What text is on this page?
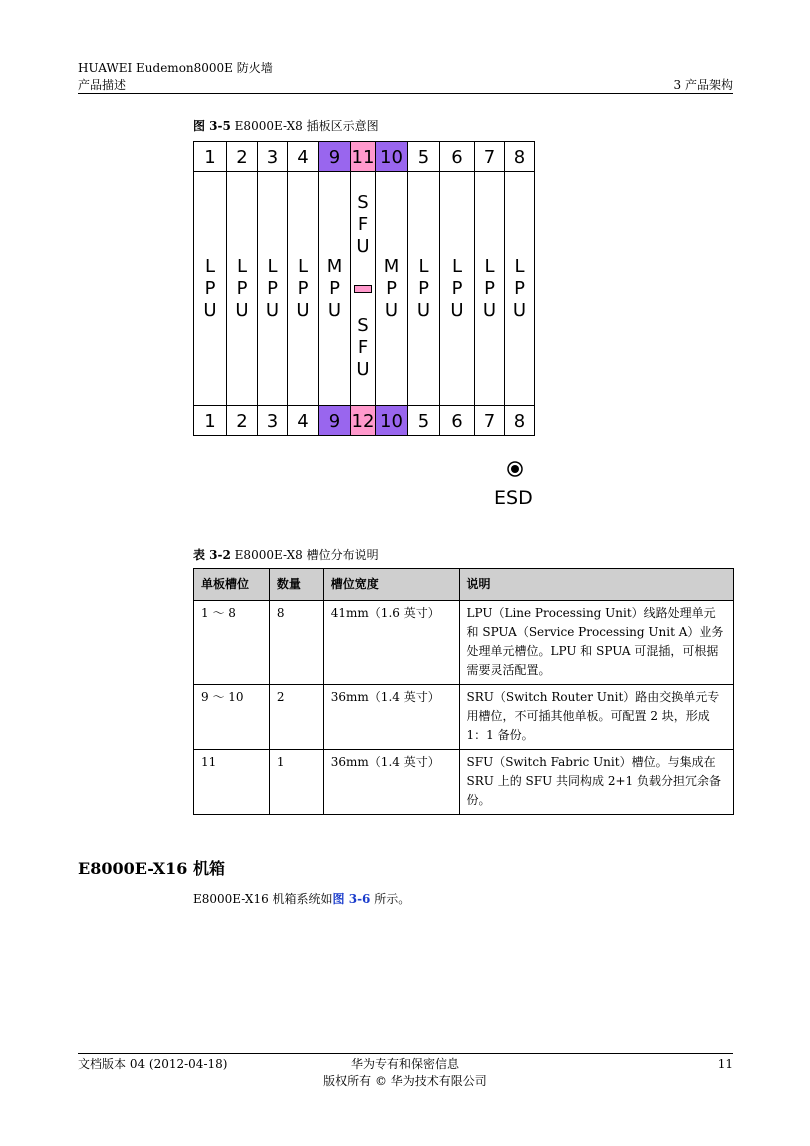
HUAWEI Eudemon8000E 防火墙
产品描述	3 产品架构
图 3-5 E8000E-X8 插板区示意图
1
L
P
U
1
2
L
P
U
2
3
L
P
U
3
4
L
P
U
4
9
M
P
U
9
11
S
F
U
S
F
U
12
10
M
P
U
10
5
L
P
U
5
6
L
P
U
6
7
L
P
U
7
8
L
P
U
8
ESD
表 3-2 E8000E-X8 槽位分布说明
单板槽位	数量	槽位宽度	说明
1 ～ 8	8	41mm（1.6 英寸）	LPU（Line Processing Unit）线路处理单元和 SPUA（Service Processing Unit A）业务处理单元槽位。LPU 和 SPUA 可混插，可根据需要灵活配置。
9 ～ 10	2	36mm（1.4 英寸）	SRU（Switch Router Unit）路由交换单元专用槽位，不可插其他单板。可配置 2 块，形成 1：1 备份。
11	1	36mm（1.4 英寸）	SFU（Switch Fabric Unit）槽位。与集成在 SRU 上的 SFU 共同构成 2+1 负载分担冗余备份。
E8000E-X16 机箱
E8000E-X16 机箱系统如图 3-6 所示。
文档版本 04 (2012-04-18)	华为专有和保密信息
版权所有 © 华为技术有限公司
11
